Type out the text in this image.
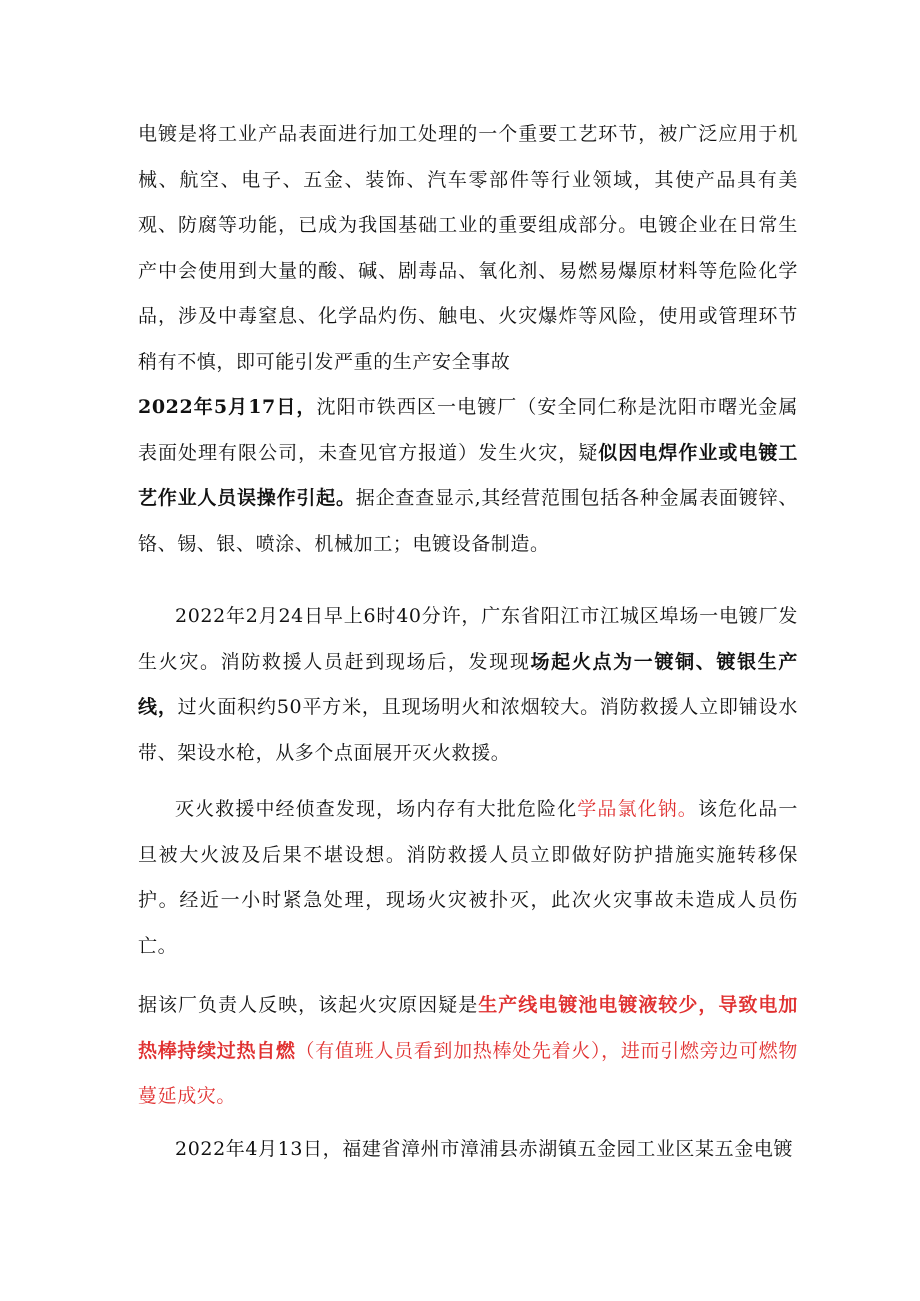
电镀是将工业产品表面进行加工处理的一个重要工艺环节，被广泛应用于机械、航空、电子、五金、装饰、汽车零部件等行业领域，其使产品具有美观、防腐等功能，已成为我国基础工业的重要组成部分。电镀企业在日常生产中会使用到大量的酸、碱、剧毒品、氧化剂、易燃易爆原材料等危险化学品，涉及中毒窒息、化学品灼伤、触电、火灾爆炸等风险，使用或管理环节稍有不慎，即可能引发严重的生产安全事故

2022年5月17日，沈阳市铁西区一电镀厂（安全同仁称是沈阳市曙光金属表面处理有限公司，未查见官方报道）发生火灾，疑似因电焊作业或电镀工艺作业人员误操作引起。据企查查显示,其经营范围包括各种金属表面镀锌、铬、锡、银、喷涂、机械加工；电镀设备制造。

2022年2月24日早上6时40分许，广东省阳江市江城区埠场一电镀厂发生火灾。消防救援人员赶到现场后，发现现场起火点为一镀铜、镀银生产线，过火面积约50平方米，且现场明火和浓烟较大。消防救援人立即铺设水带、架设水枪，从多个点面展开灭火救援。

灭火救援中经侦查发现，场内存有大批危险化学品氯化钠。该危化品一旦被大火波及后果不堪设想。消防救援人员立即做好防护措施实施转移保护。经近一小时紧急处理，现场火灾被扑灭，此次火灾事故未造成人员伤亡。

据该厂负责人反映，该起火灾原因疑是生产线电镀池电镀液较少，导致电加热棒持续过热自燃（有值班人员看到加热棒处先着火），进而引燃旁边可燃物蔓延成灾。

2022年4月13日，福建省漳州市漳浦县赤湖镇五金园工业区某五金电镀
